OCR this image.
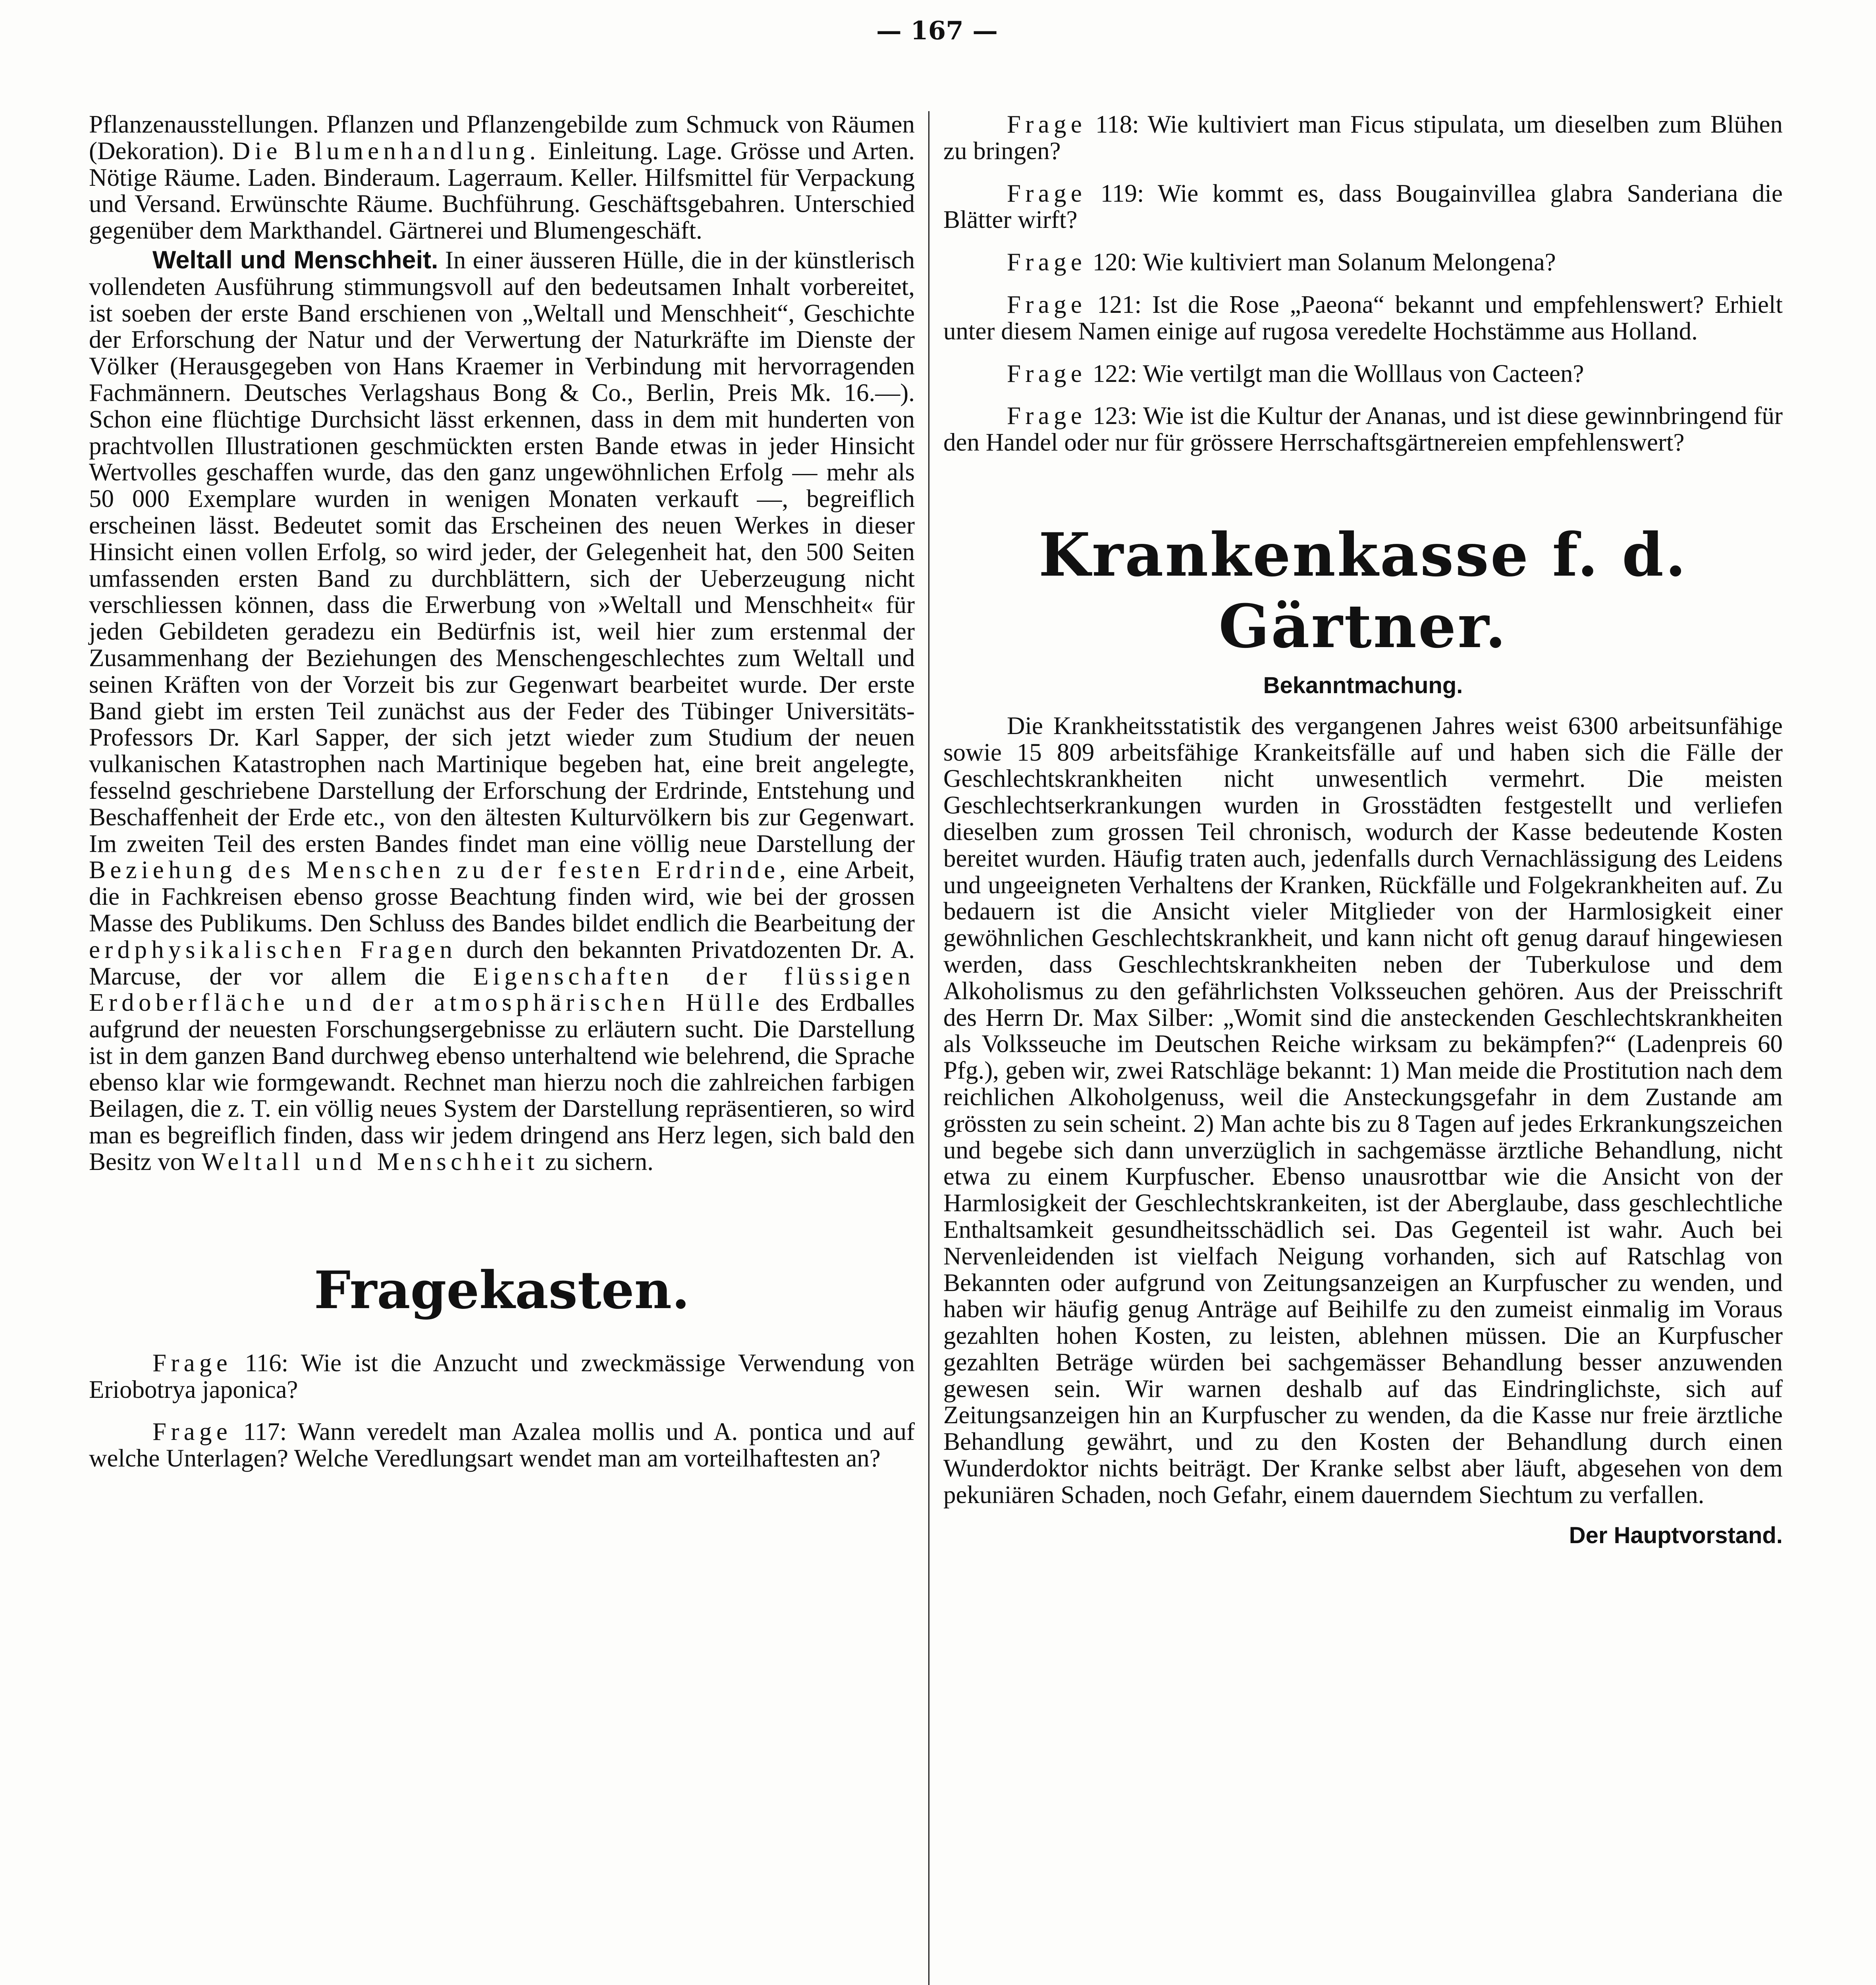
— 167 —

Pflanzenausstellungen. Pflanzen und Pflanzengebilde zum Schmuck von Räumen (Dekoration). Die Blumenhandlung. Einleitung. Lage. Grösse und Arten. Nötige Räume. Laden. Binderaum. Lagerraum. Keller. Hilfsmittel für Verpackung und Versand. Erwünschte Räume. Buchführung. Geschäftsgebahren. Unterschied gegenüber dem Markthandel. Gärtnerei und Blumengeschäft.

Weltall und Menschheit. In einer äusseren Hülle, die in der künstlerisch vollendeten Ausführung stimmungsvoll auf den bedeutsamen Inhalt vorbereitet, ist soeben der erste Band erschienen von „Weltall und Menschheit“, Geschichte der Erforschung der Natur und der Verwertung der Naturkräfte im Dienste der Völker (Herausgegeben von Hans Kraemer in Verbindung mit hervorragenden Fachmännern. Deutsches Verlagshaus Bong & Co., Berlin, Preis Mk. 16.—). Schon eine flüchtige Durchsicht lässt erkennen, dass in dem mit hunderten von prachtvollen Illustrationen geschmückten ersten Bande etwas in jeder Hinsicht Wertvolles geschaffen wurde, das den ganz ungewöhnlichen Erfolg — mehr als 50 000 Exemplare wurden in wenigen Monaten verkauft —, begreiflich erscheinen lässt. Bedeutet somit das Erscheinen des neuen Werkes in dieser Hinsicht einen vollen Erfolg, so wird jeder, der Gelegenheit hat, den 500 Seiten umfassenden ersten Band zu durchblättern, sich der Ueberzeugung nicht verschliessen können, dass die Erwerbung von »Weltall und Menschheit« für jeden Gebildeten geradezu ein Bedürfnis ist, weil hier zum erstenmal der Zusammenhang der Beziehungen des Menschengeschlechtes zum Weltall und seinen Kräften von der Vorzeit bis zur Gegenwart bearbeitet wurde. Der erste Band giebt im ersten Teil zunächst aus der Feder des Tübinger Universitäts-Professors Dr. Karl Sapper, der sich jetzt wieder zum Studium der neuen vulkanischen Katastrophen nach Martinique begeben hat, eine breit angelegte, fesselnd geschriebene Darstellung der Erforschung der Erdrinde, Entstehung und Beschaffenheit der Erde etc., von den ältesten Kulturvölkern bis zur Gegenwart. Im zweiten Teil des ersten Bandes findet man eine völlig neue Darstellung der Beziehung des Menschen zu der festen Erdrinde, eine Arbeit, die in Fachkreisen ebenso grosse Beachtung finden wird, wie bei der grossen Masse des Publikums. Den Schluss des Bandes bildet endlich die Bearbeitung der erdphysikalischen Fragen durch den bekannten Privatdozenten Dr. A. Marcuse, der vor allem die Eigenschaften der flüssigen Erdoberfläche und der atmosphärischen Hülle des Erdballes aufgrund der neuesten Forschungsergebnisse zu erläutern sucht. Die Darstellung ist in dem ganzen Band durchweg ebenso unterhaltend wie belehrend, die Sprache ebenso klar wie formgewandt. Rechnet man hierzu noch die zahlreichen farbigen Beilagen, die z. T. ein völlig neues System der Darstellung repräsentieren, so wird man es begreiflich finden, dass wir jedem dringend ans Herz legen, sich bald den Besitz von Weltall und Menschheit zu sichern.

Fragekasten.

Frage 116: Wie ist die Anzucht und zweckmässige Verwendung von Eriobotrya japonica?

Frage 117: Wann veredelt man Azalea mollis und A. pontica und auf welche Unterlagen? Welche Veredlungsart wendet man am vorteilhaftesten an?

Frage 118: Wie kultiviert man Ficus stipulata, um dieselben zum Blühen zu bringen?

Frage 119: Wie kommt es, dass Bougainvillea glabra Sanderiana die Blätter wirft?

Frage 120: Wie kultiviert man Solanum Melongena?

Frage 121: Ist die Rose „Paeona“ bekannt und empfehlenswert? Erhielt unter diesem Namen einige auf rugosa veredelte Hochstämme aus Holland.

Frage 122: Wie vertilgt man die Wolllaus von Cacteen?

Frage 123: Wie ist die Kultur der Ananas, und ist diese gewinnbringend für den Handel oder nur für grössere Herrschaftsgärtnereien empfehlenswert?

Krankenkasse f. d. Gärtner.

Bekanntmachung.

Die Krankheitsstatistik des vergangenen Jahres weist 6300 arbeitsunfähige sowie 15 809 arbeitsfähige Krankeitsfälle auf und haben sich die Fälle der Geschlechtskrankheiten nicht unwesentlich vermehrt. Die meisten Geschlechtserkrankungen wurden in Grosstädten festgestellt und verliefen dieselben zum grossen Teil chronisch, wodurch der Kasse bedeutende Kosten bereitet wurden. Häufig traten auch, jedenfalls durch Vernachlässigung des Leidens und ungeeigneten Verhaltens der Kranken, Rückfälle und Folgekrankheiten auf. Zu bedauern ist die Ansicht vieler Mitglieder von der Harmlosigkeit einer gewöhnlichen Geschlechtskrankheit, und kann nicht oft genug darauf hingewiesen werden, dass Geschlechtskrankheiten neben der Tuberkulose und dem Alkoholismus zu den gefährlichsten Volksseuchen gehören. Aus der Preisschrift des Herrn Dr. Max Silber: „Womit sind die ansteckenden Geschlechtskrankheiten als Volksseuche im Deutschen Reiche wirksam zu bekämpfen?“ (Ladenpreis 60 Pfg.), geben wir, zwei Ratschläge bekannt: 1) Man meide die Prostitution nach dem reichlichen Alkoholgenuss, weil die Ansteckungsgefahr in dem Zustande am grössten zu sein scheint. 2) Man achte bis zu 8 Tagen auf jedes Erkrankungszeichen und begebe sich dann unverzüglich in sachgemässe ärztliche Behandlung, nicht etwa zu einem Kurpfuscher. Ebenso unausrottbar wie die Ansicht von der Harmlosigkeit der Geschlechtskrankeiten, ist der Aberglaube, dass geschlechtliche Enthaltsamkeit gesundheitsschädlich sei. Das Gegenteil ist wahr. Auch bei Nervenleidenden ist vielfach Neigung vorhanden, sich auf Ratschlag von Bekannten oder aufgrund von Zeitungsanzeigen an Kurpfuscher zu wenden, und haben wir häufig genug Anträge auf Beihilfe zu den zumeist einmalig im Voraus gezahlten hohen Kosten, zu leisten, ablehnen müssen. Die an Kurpfuscher gezahlten Beträge würden bei sachgemässer Behandlung besser anzuwenden gewesen sein. Wir warnen deshalb auf das Eindringlichste, sich auf Zeitungsanzeigen hin an Kurpfuscher zu wenden, da die Kasse nur freie ärztliche Behandlung gewährt, und zu den Kosten der Behandlung durch einen Wunderdoktor nichts beiträgt. Der Kranke selbst aber läuft, abgesehen von dem pekuniären Schaden, noch Gefahr, einem dauerndem Siechtum zu verfallen.

Der Hauptvorstand.
